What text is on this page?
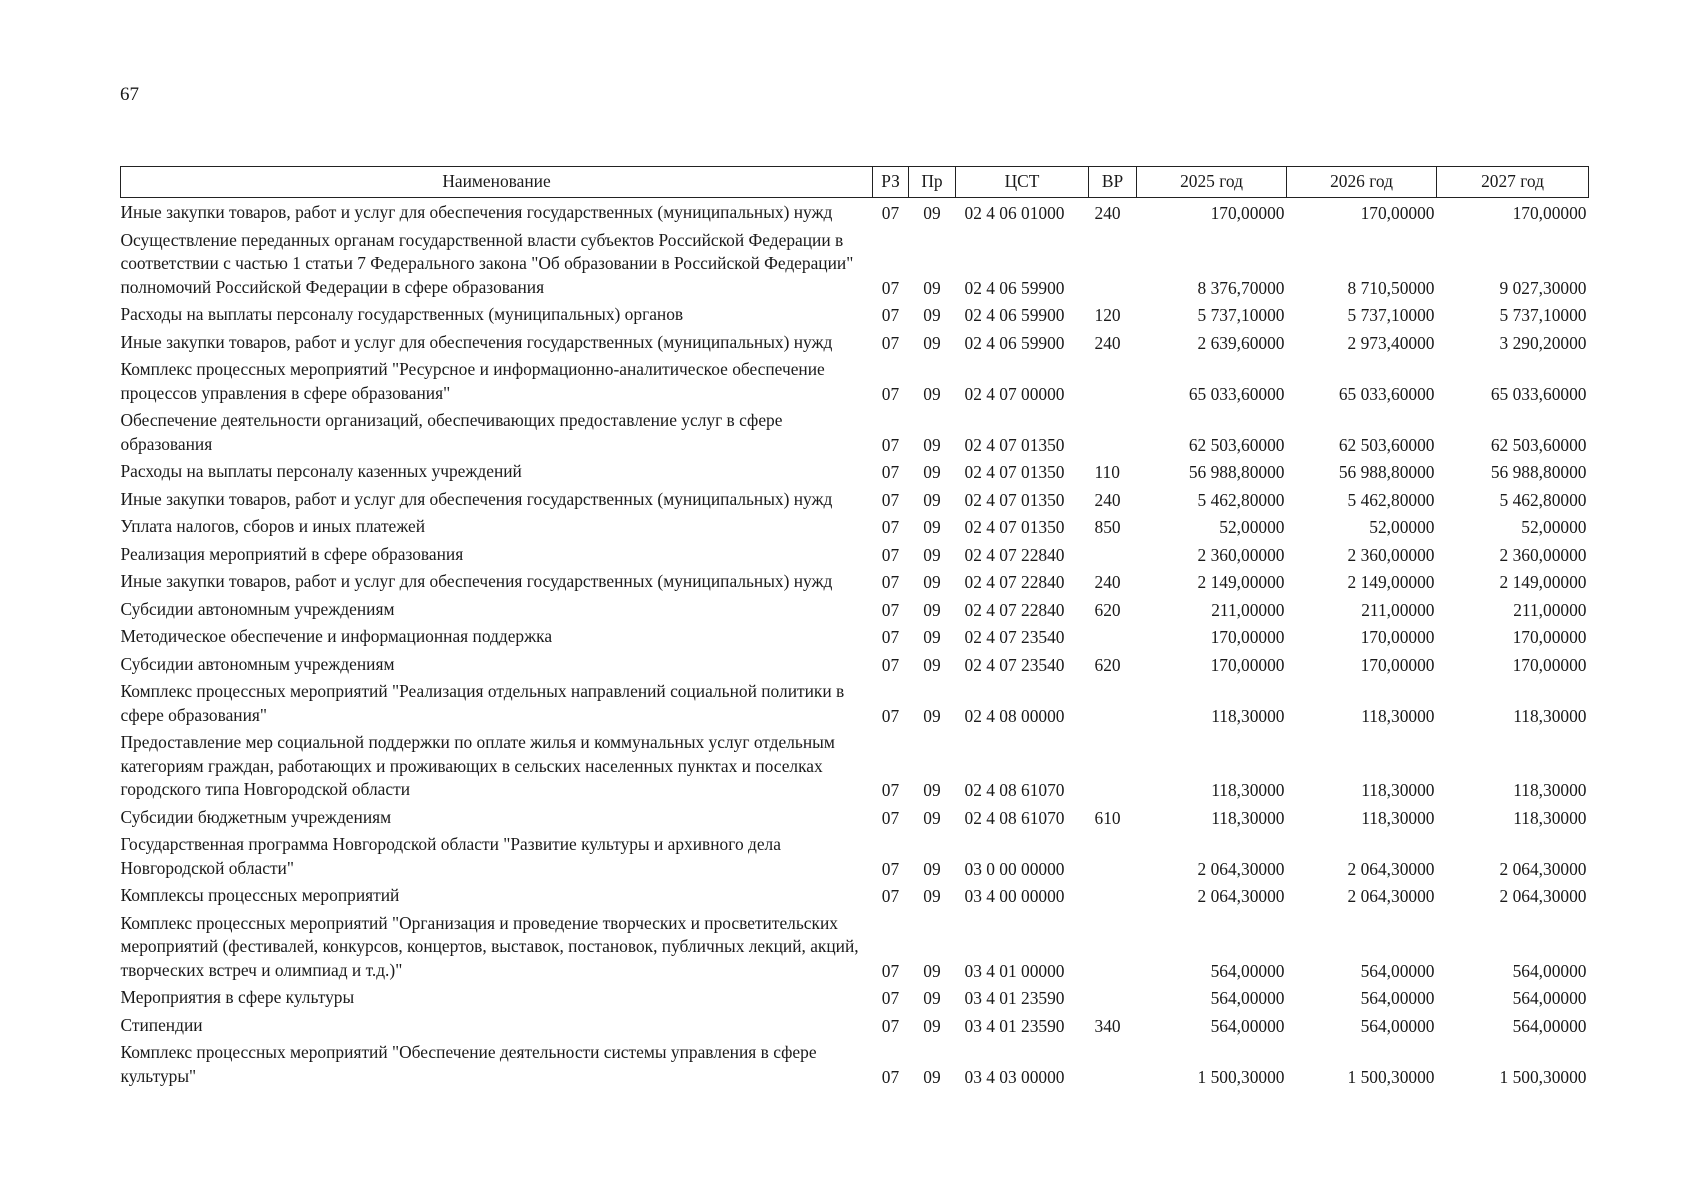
67
Наименование	РЗ	Пр	ЦСТ	ВР	2025 год	2026 год	2027 год
Иные закупки товаров, работ и услуг для обеспечения государственных (муниципальных) нужд	07	09	02 4 06 01000	240	170,00000	170,00000	170,00000
Осуществление переданных органам государственной власти субъектов Российской Федерации в соответствии с частью 1 статьи 7 Федерального закона "Об образовании в Российской Федерации" полномочий Российской Федерации в сфере образования	07	09	02 4 06 59900		8 376,70000	8 710,50000	9 027,30000
Расходы на выплаты персоналу государственных (муниципальных) органов	07	09	02 4 06 59900	120	5 737,10000	5 737,10000	5 737,10000
Иные закупки товаров, работ и услуг для обеспечения государственных (муниципальных) нужд	07	09	02 4 06 59900	240	2 639,60000	2 973,40000	3 290,20000
Комплекс процессных мероприятий "Ресурсное и информационно-аналитическое обеспечение процессов управления в сфере образования"	07	09	02 4 07 00000		65 033,60000	65 033,60000	65 033,60000
Обеспечение деятельности организаций, обеспечивающих предоставление услуг в сфере образования	07	09	02 4 07 01350		62 503,60000	62 503,60000	62 503,60000
Расходы на выплаты персоналу казенных учреждений	07	09	02 4 07 01350	110	56 988,80000	56 988,80000	56 988,80000
Иные закупки товаров, работ и услуг для обеспечения государственных (муниципальных) нужд	07	09	02 4 07 01350	240	5 462,80000	5 462,80000	5 462,80000
Уплата налогов, сборов и иных платежей	07	09	02 4 07 01350	850	52,00000	52,00000	52,00000
Реализация мероприятий в сфере образования	07	09	02 4 07 22840		2 360,00000	2 360,00000	2 360,00000
Иные закупки товаров, работ и услуг для обеспечения государственных (муниципальных) нужд	07	09	02 4 07 22840	240	2 149,00000	2 149,00000	2 149,00000
Субсидии автономным учреждениям	07	09	02 4 07 22840	620	211,00000	211,00000	211,00000
Методическое обеспечение и информационная поддержка	07	09	02 4 07 23540		170,00000	170,00000	170,00000
Субсидии автономным учреждениям	07	09	02 4 07 23540	620	170,00000	170,00000	170,00000
Комплекс процессных мероприятий "Реализация отдельных направлений социальной политики в сфере образования"	07	09	02 4 08 00000		118,30000	118,30000	118,30000
Предоставление мер социальной поддержки по оплате жилья и коммунальных услуг отдельным категориям граждан, работающих и проживающих в сельских населенных пунктах и поселках городского типа Новгородской области	07	09	02 4 08 61070		118,30000	118,30000	118,30000
Субсидии бюджетным учреждениям	07	09	02 4 08 61070	610	118,30000	118,30000	118,30000
Государственная программа Новгородской области "Развитие культуры и архивного дела Новгородской области"	07	09	03 0 00 00000		2 064,30000	2 064,30000	2 064,30000
Комплексы процессных мероприятий	07	09	03 4 00 00000		2 064,30000	2 064,30000	2 064,30000
Комплекс процессных мероприятий "Организация и проведение творческих и просветительских мероприятий (фестивалей, конкурсов, концертов, выставок, постановок, публичных лекций, акций, творческих встреч и олимпиад и т.д.)"	07	09	03 4 01 00000		564,00000	564,00000	564,00000
Мероприятия в сфере культуры	07	09	03 4 01 23590		564,00000	564,00000	564,00000
Стипендии	07	09	03 4 01 23590	340	564,00000	564,00000	564,00000
Комплекс процессных мероприятий "Обеспечение деятельности системы управления в сфере культуры"	07	09	03 4 03 00000		1 500,30000	1 500,30000	1 500,30000
